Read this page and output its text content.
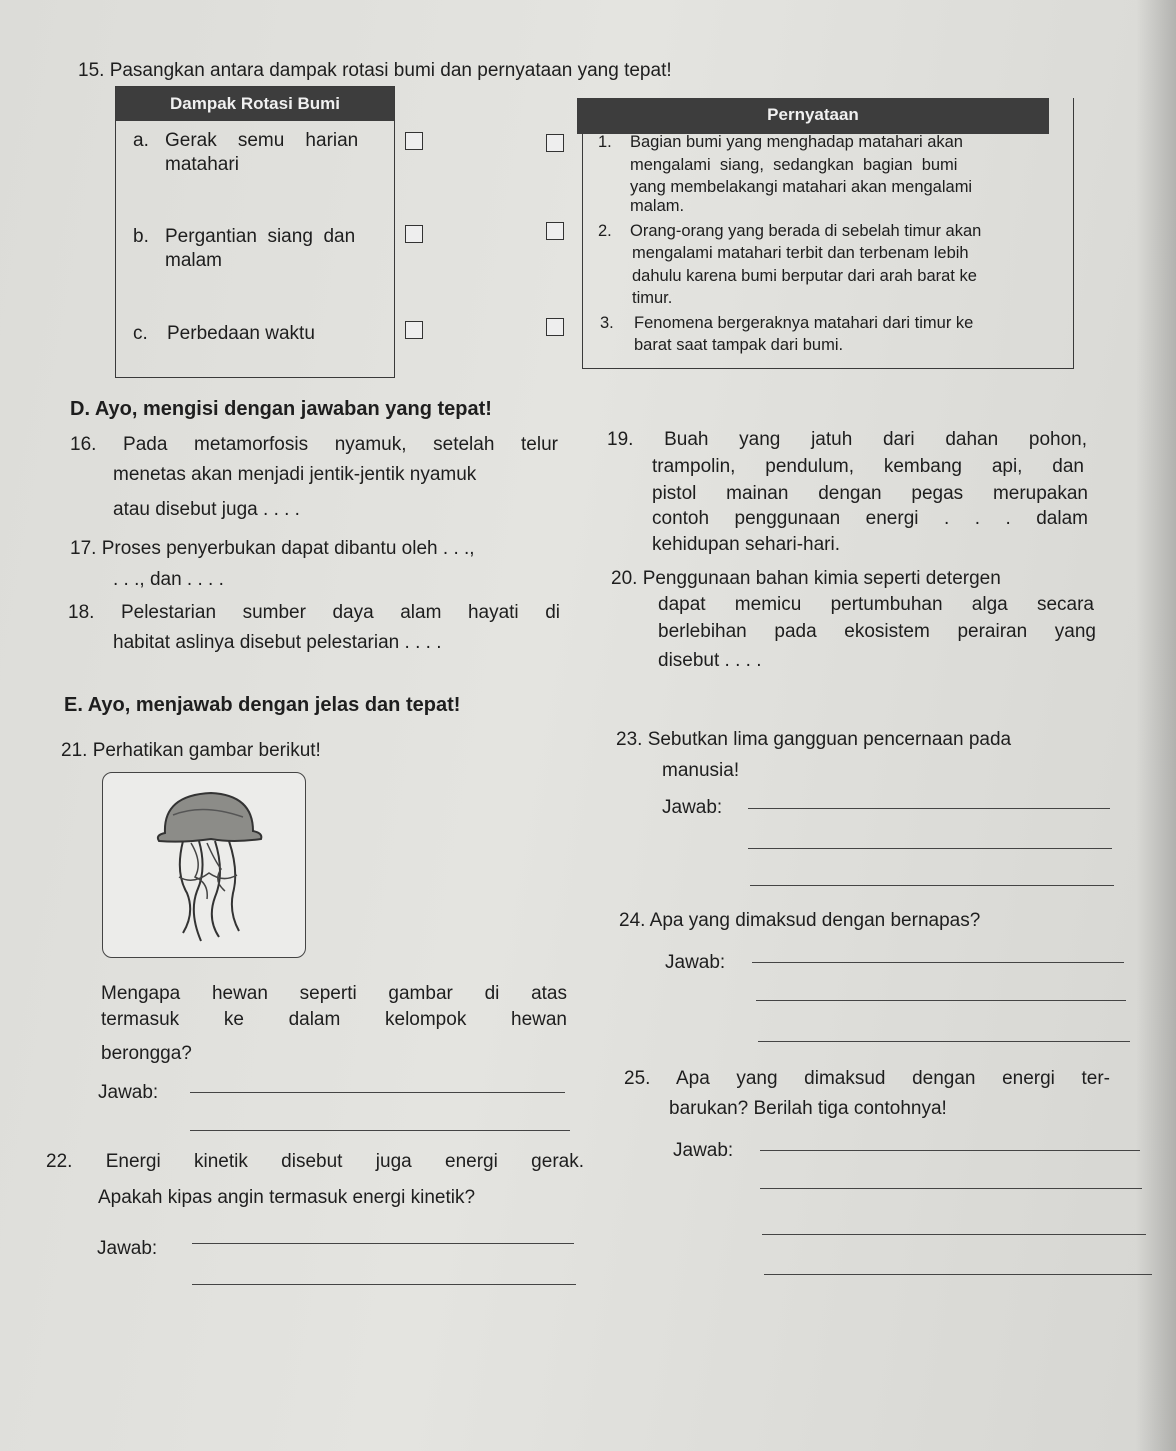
15. Pasangkan antara dampak rotasi bumi dan pernyataan yang tepat!
Dampak Rotasi Bumi
a. Gerak    semu    harian
matahari
b. Pergantian  siang  dan
malam
c. Perbedaan waktu
Pernyataan
1. Bagian bumi yang menghadap matahari akan
mengalami  siang,  sedangkan  bagian  bumi
yang membelakangi matahari akan mengalami
malam.
2. Orang-orang yang berada di sebelah timur akan
mengalami matahari terbit dan terbenam lebih
dahulu karena bumi berputar dari arah barat ke
timur.
3. Fenomena bergeraknya matahari dari timur ke
barat saat tampak dari bumi.
D. Ayo, mengisi dengan jawaban yang tepat!
16. Pada metamorfosis nyamuk, setelah telur
menetas akan menjadi jentik-jentik nyamuk
atau disebut juga . . . .
17. Proses penyerbukan dapat dibantu oleh . . .,
. . ., dan . . . .
18. Pelestarian sumber daya alam hayati di
habitat aslinya disebut pelestarian . . . .
19. Buah yang jatuh dari dahan pohon,
trampolin, pendulum, kembang api, dan
pistol mainan dengan pegas merupakan
contoh penggunaan energi . . . dalam
kehidupan sehari-hari.
20. Penggunaan bahan kimia seperti detergen
dapat memicu pertumbuhan alga secara
berlebihan pada ekosistem perairan yang
disebut . . . .
E. Ayo, menjawab dengan jelas dan tepat!
21. Perhatikan gambar berikut!
Mengapa hewan seperti gambar di atas
termasuk ke dalam kelompok hewan
berongga?
Jawab:
22. Energi kinetik disebut juga energi gerak.
Apakah kipas angin termasuk energi kinetik?
Jawab:
23. Sebutkan lima gangguan pencernaan pada
manusia!
Jawab:
24. Apa yang dimaksud dengan bernapas?
Jawab:
25. Apa yang dimaksud dengan energi ter-
barukan? Berilah tiga contohnya!
Jawab:
